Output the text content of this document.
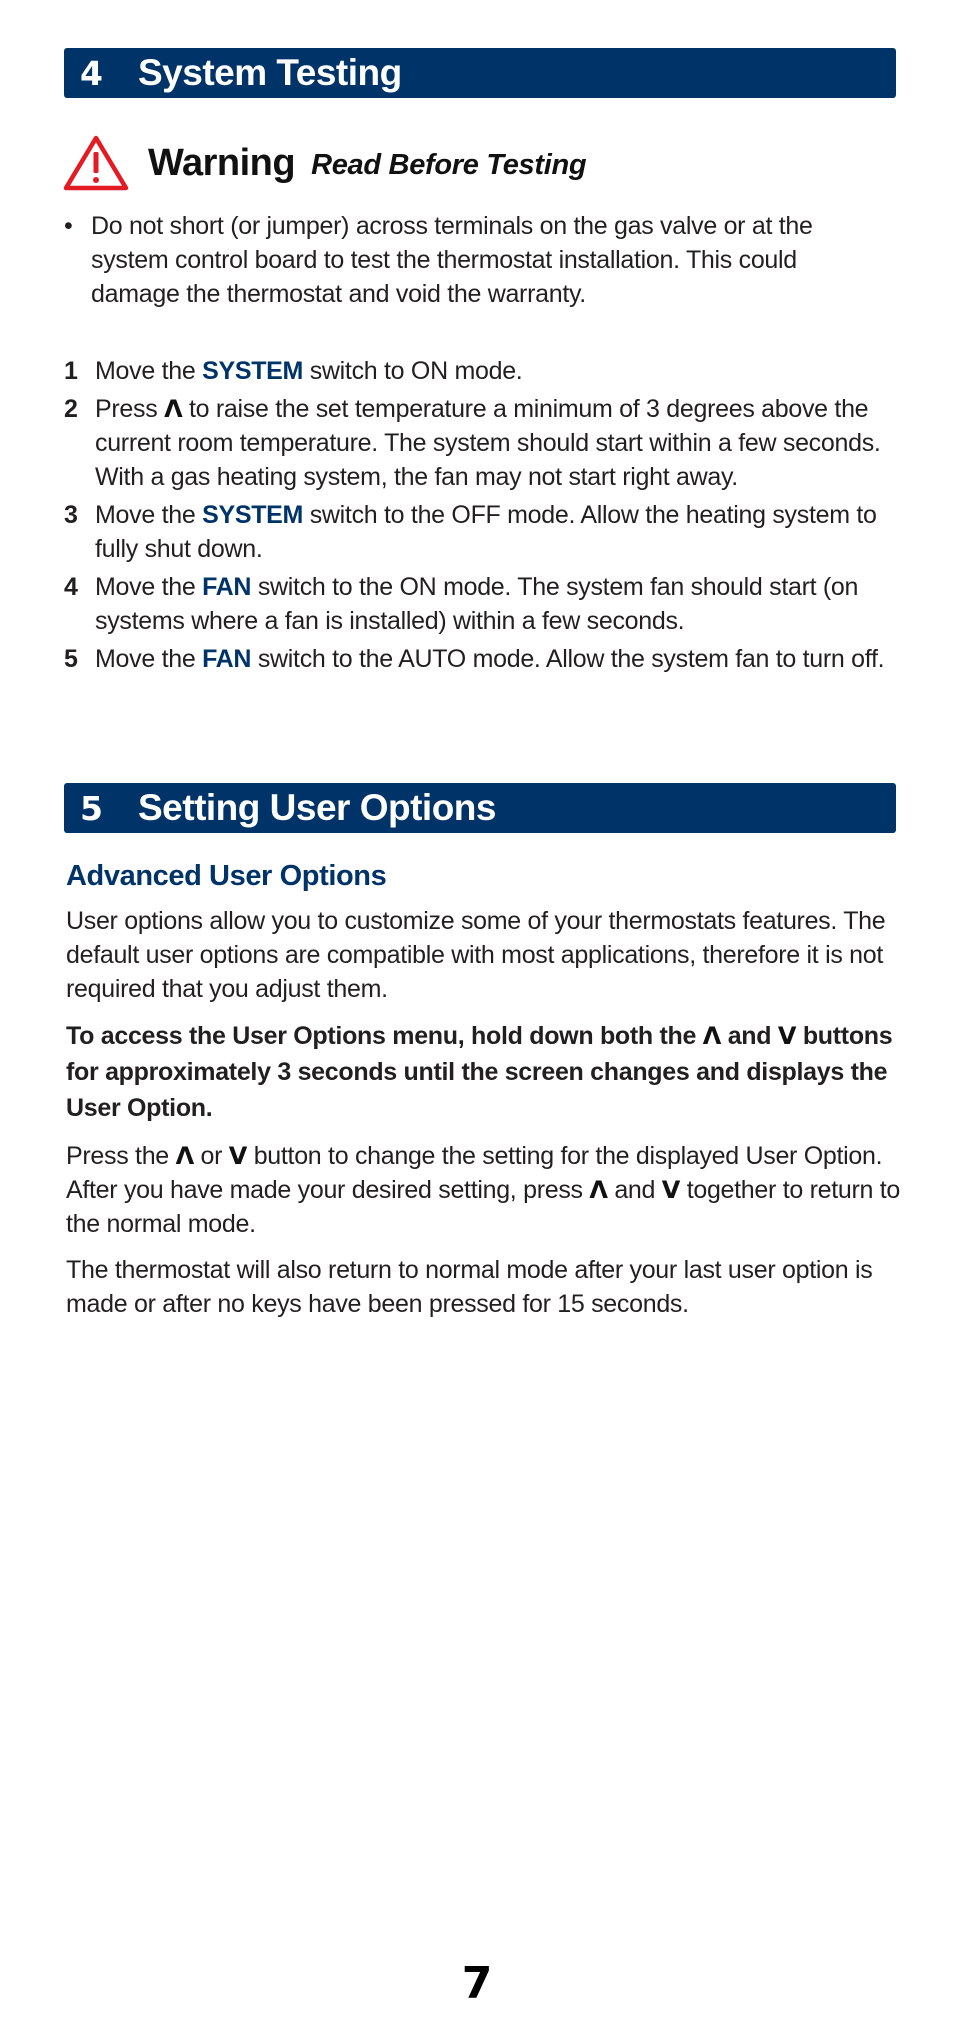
4 System Testing
Warning Read Before Testing
• Do not short (or jumper) across terminals on the gas valve or at the system control board to test the thermostat installation. This could damage the thermostat and void the warranty.
1 Move the SYSTEM switch to ON mode.
2 Press Λ to raise the set temperature a minimum of 3 degrees above the current room temperature. The system should start within a few seconds. With a gas heating system, the fan may not start right away.
3 Move the SYSTEM switch to the OFF mode. Allow the heating system to fully shut down.
4 Move the FAN switch to the ON mode. The system fan should start (on systems where a fan is installed) within a few seconds.
5 Move the FAN switch to the AUTO mode. Allow the system fan to turn off.
5 Setting User Options
Advanced User Options
User options allow you to customize some of your thermostats features. The default user options are compatible with most applications, therefore it is not required that you adjust them.
To access the User Options menu, hold down both the Λ and V buttons for approximately 3 seconds until the screen changes and displays the User Option.
Press the Λ or V button to change the setting for the displayed User Option. After you have made your desired setting, press Λ and V together to return to the normal mode.
The thermostat will also return to normal mode after your last user option is made or after no keys have been pressed for 15 seconds.
7
